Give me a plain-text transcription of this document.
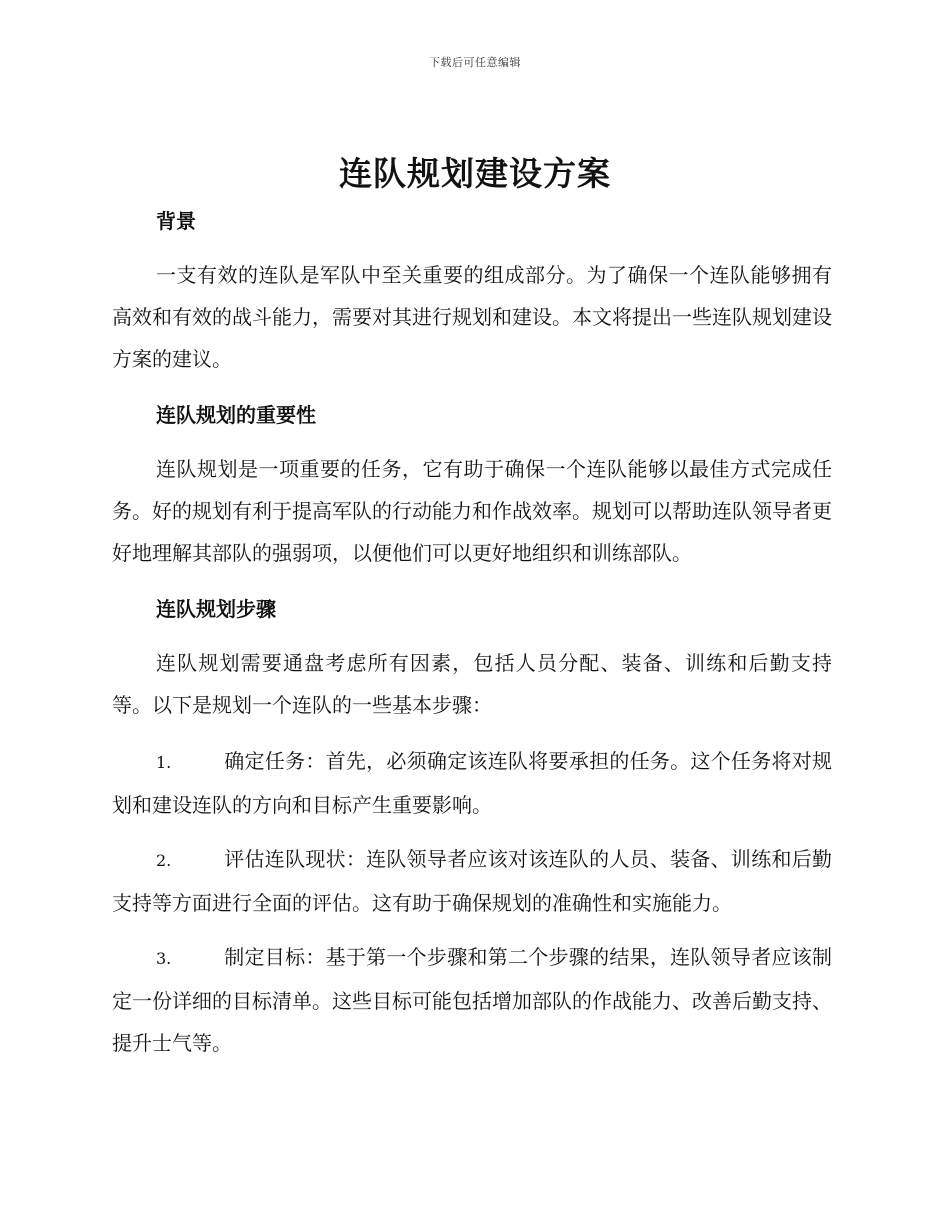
下载后可任意编辑
连队规划建设方案
背景

一支有效的连队是军队中至关重要的组成部分。为了确保一个连队能够拥有高效和有效的战斗能力，需要对其进行规划和建设。本文将提出一些连队规划建设方案的建议。

连队规划的重要性

连队规划是一项重要的任务，它有助于确保一个连队能够以最佳方式完成任务。好的规划有利于提高军队的行动能力和作战效率。规划可以帮助连队领导者更好地理解其部队的强弱项，以便他们可以更好地组织和训练部队。

连队规划步骤

连队规划需要通盘考虑所有因素，包括人员分配、装备、训练和后勤支持等。以下是规划一个连队的一些基本步骤：

1.	确定任务：首先，必须确定该连队将要承担的任务。这个任务将对规划和建设连队的方向和目标产生重要影响。

2.	评估连队现状：连队领导者应该对该连队的人员、装备、训练和后勤支持等方面进行全面的评估。这有助于确保规划的准确性和实施能力。

3.	制定目标：基于第一个步骤和第二个步骤的结果，连队领导者应该制定一份详细的目标清单。这些目标可能包括增加部队的作战能力、改善后勤支持、提升士气等。
